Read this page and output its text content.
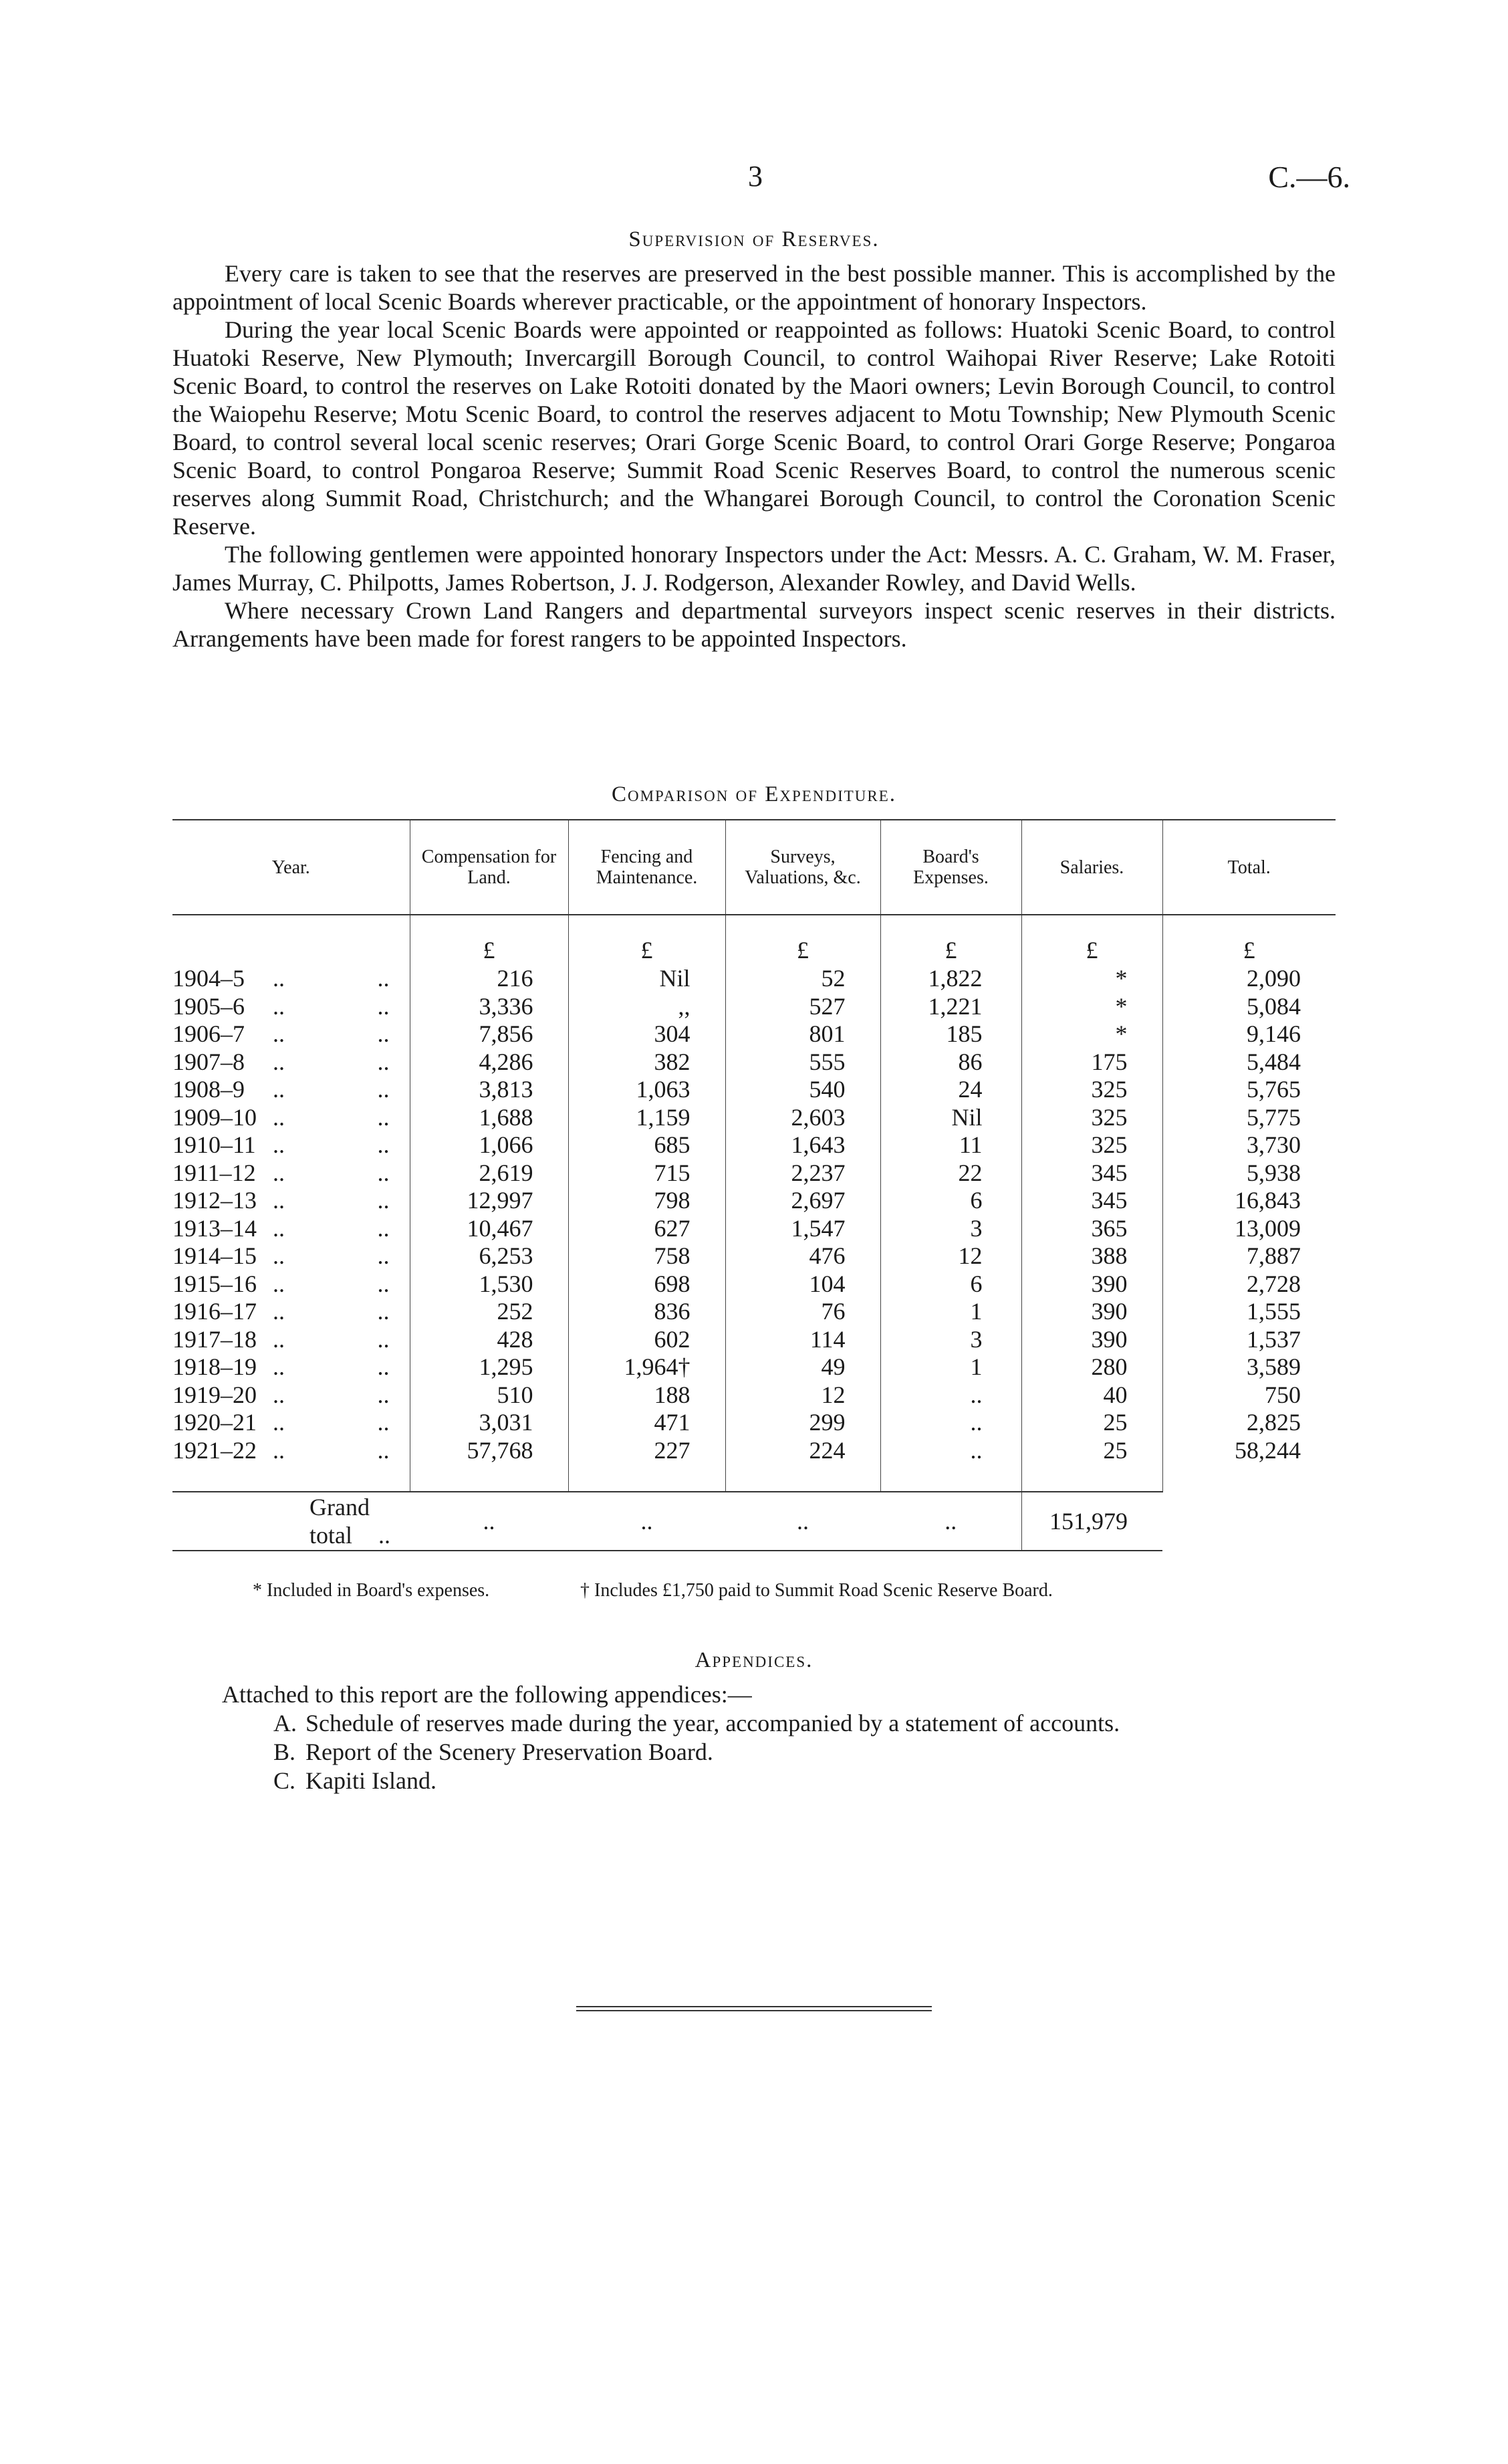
3	C.—6.
Supervision of Reserves.

Every care is taken to see that the reserves are preserved in the best possible manner. This is accomplished by the appointment of local Scenic Boards wherever practicable, or the appointment of honorary Inspectors.

During the year local Scenic Boards were appointed or reappointed as follows: Huatoki Scenic Board, to control Huatoki Reserve, New Plymouth; Invercargill Borough Council, to control Waihopai River Reserve; Lake Rotoiti Scenic Board, to control the reserves on Lake Rotoiti donated by the Maori owners; Levin Borough Council, to control the Waiopehu Reserve; Motu Scenic Board, to control the reserves adjacent to Motu Township; New Plymouth Scenic Board, to control several local scenic reserves; Orari Gorge Scenic Board, to control Orari Gorge Reserve; Pongaroa Scenic Board, to control Pongaroa Reserve; Summit Road Scenic Reserves Board, to control the numerous scenic reserves along Summit Road, Christchurch; and the Whangarei Borough Council, to control the Coronation Scenic Reserve.

The following gentlemen were appointed honorary Inspectors under the Act: Messrs. A. C. Graham, W. M. Fraser, James Murray, C. Philpotts, James Robertson, J. J. Rodgerson, Alexander Rowley, and David Wells.

Where necessary Crown Land Rangers and departmental surveyors inspect scenic reserves in their districts. Arrangements have been made for forest rangers to be appointed Inspectors.

Comparison of Expenditure.
Year.	Compensation for Land.	Fencing and Maintenance.	Surveys, Valuations, &c.	Board's Expenses.	Salaries.	Total.
	£	£	£	£	£	£
1904–5 .. ..	216	Nil	52	1,822	*	2,090
1905–6 .. ..	3,336	,,	527	1,221	*	5,084
1906–7 .. ..	7,856	304	801	185	*	9,146
1907–8 .. ..	4,286	382	555	86	175	5,484
1908–9 .. ..	3,813	1,063	540	24	325	5,765
1909–10 .. ..	1,688	1,159	2,603	Nil	325	5,775
1910–11 .. ..	1,066	685	1,643	11	325	3,730
1911–12 .. ..	2,619	715	2,237	22	345	5,938
1912–13 .. ..	12,997	798	2,697	6	345	16,843
1913–14 .. ..	10,467	627	1,547	3	365	13,009
1914–15 .. ..	6,253	758	476	12	388	7,887
1915–16 .. ..	1,530	698	104	6	390	2,728
1916–17 .. ..	252	836	76	1	390	1,555
1917–18 .. ..	428	602	114	3	390	1,537
1918–19 .. ..	1,295	1,964†	49	1	280	3,589
1919–20 .. ..	510	188	12	..	40	750
1920–21 .. ..	3,031	471	299	..	25	2,825
1921–22 .. ..	57,768	227	224	..	25	58,244
Grand total ..	..	..	..	..	151,979	
* Included in Board's expenses.	† Includes £1,750 paid to Summit Road Scenic Reserve Board.
Appendices.
Attached to this report are the following appendices:—
A. Schedule of reserves made during the year, accompanied by a statement of accounts.
B. Report of the Scenery Preservation Board.
C. Kapiti Island.
